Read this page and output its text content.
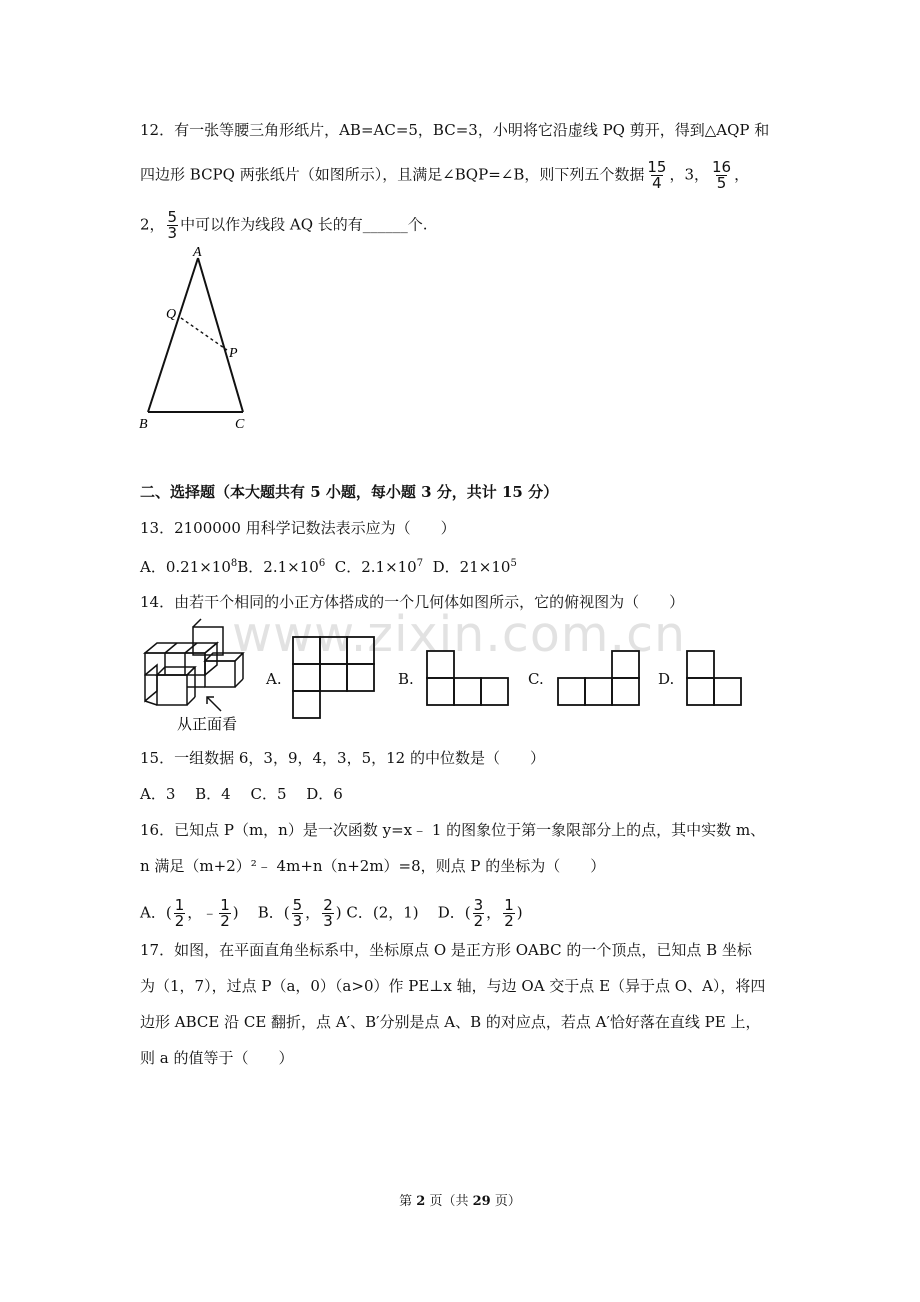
12．有一张等腰三角形纸片，AB=AC=5，BC=3，小明将它沿虚线 PQ 剪开，得到△AQP 和
四边形 BCPQ 两张纸片（如图所示），且满足∠BQP=∠B，则下列五个数据 $\frac{15}{4}$ ，3， $\frac{16}{5}$ ，
2， $\frac{5}{3}$ 中可以作为线段 AQ 长的有______个.
A
Q
P
B	C
二、选择题（本大题共有 5 小题，每小题 3 分，共计 15 分）
13．2100000 用科学记数法表示应为（　　）
A．$0.21\times 10^8B$．$2.1\times 10^6$ C．$2.1\times 10^7$ D．$21\times 10^5$
14．由若干个相同的小正方体搭成的一个几何体如图所示，它的俯视图为（　　）
www.zixin.com.cn
从正面看
A.	B.	C.	D.
15．一组数据 6，3，9，4，3，5，12 的中位数是（　　）
A．3　 B．4　 C．5　 D．6
16．已知点 P（m，n）是一次函数 y=x﹣ 1 的图象位于第一象限部分上的点，其中实数 m、
n 满足（m+2）²﹣ 4m+n（n+2m）=8，则点 P 的坐标为（　　）
A．( $\frac{1}{2}$ ，﹣ $\frac{1}{2}$ ) B．( $\frac{5}{3}$ ， $\frac{2}{3}$ ) C．(2，1) D．( $\frac{3}{2}$ ， $\frac{1}{2}$ )
17．如图，在平面直角坐标系中，坐标原点 O 是正方形 OABC 的一个顶点，已知点 B 坐标
为（1，7），过点 P（a，0）（a>0）作 PE⊥x 轴，与边 OA 交于点 E（异于点 O、A），将四
边形 ABCE 沿 CE 翻折，点 A′、B′分别是点 A、B 的对应点，若点 A′恰好落在直线 PE 上，
则 a 的值等于（　　）
第 2 页（共 29 页）
